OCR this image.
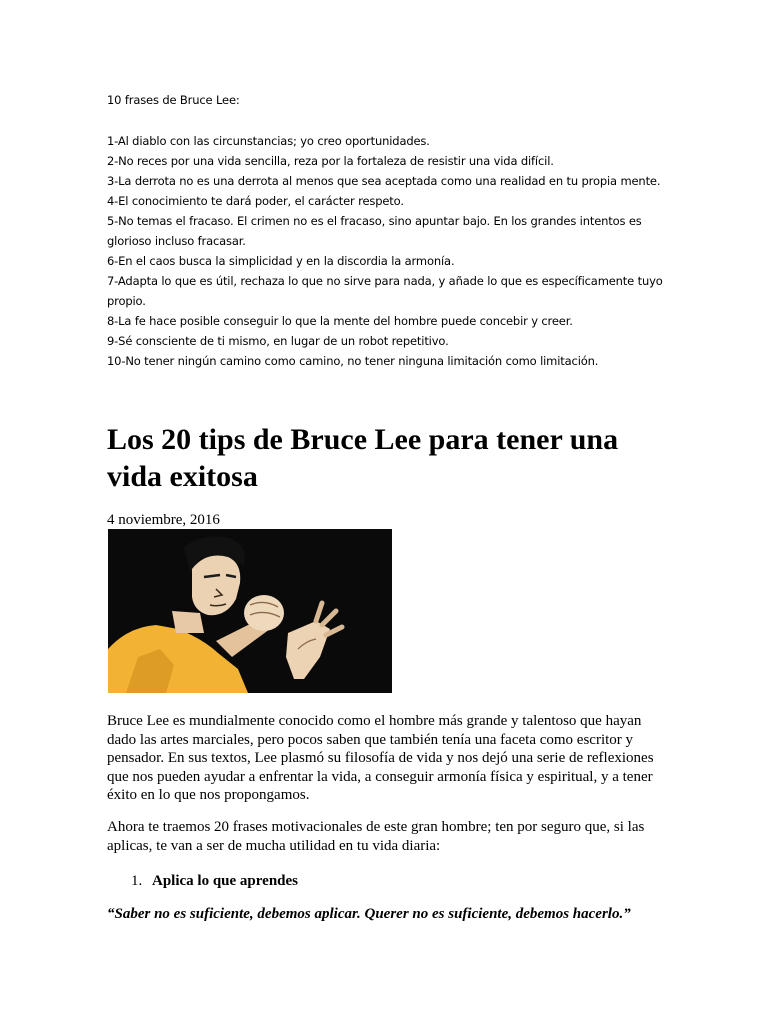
10 frases de Bruce Lee:

1-Al diablo con las circunstancias; yo creo oportunidades.
2-No reces por una vida sencilla, reza por la fortaleza de resistir una vida difícil.
3-La derrota no es una derrota al menos que sea aceptada como una realidad en tu propia mente.
4-El conocimiento te dará poder, el carácter respeto.
5-No temas el fracaso. El crimen no es el fracaso, sino apuntar bajo. En los grandes intentos es glorioso incluso fracasar.
6-En el caos busca la simplicidad y en la discordia la armonía.
7-Adapta lo que es útil, rechaza lo que no sirve para nada, y añade lo que es específicamente tuyo propio.
8-La fe hace posible conseguir lo que la mente del hombre puede concebir y creer.
9-Sé consciente de ti mismo, en lugar de un robot repetitivo.
10-No tener ningún camino como camino, no tener ninguna limitación como limitación.
Los 20 tips de Bruce Lee para tener una vida exitosa

4 noviembre, 2016

Bruce Lee es mundialmente conocido como el hombre más grande y talentoso que hayan dado las artes marciales, pero pocos saben que también tenía una faceta como escritor y pensador. En sus textos, Lee plasmó su filosofía de vida y nos dejó una serie de reflexiones que nos pueden ayudar a enfrentar la vida, a conseguir armonía física y espiritual, y a tener éxito en lo que nos propongamos.

Ahora te traemos 20 frases motivacionales de este gran hombre; ten por seguro que, si las aplicas, te van a ser de mucha utilidad en tu vida diaria:

1. Aplica lo que aprendes

“Saber no es suficiente, debemos aplicar. Querer no es suficiente, debemos hacerlo.”
